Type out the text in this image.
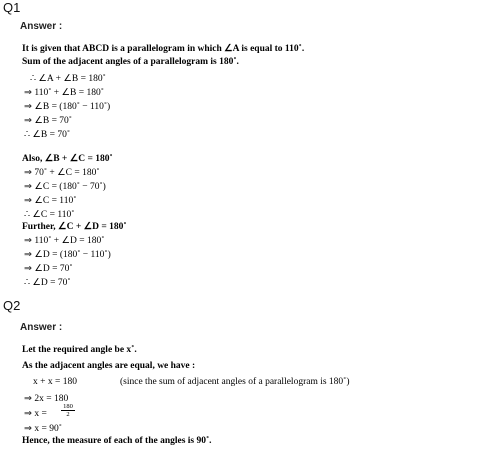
Q1
Answer :
It is given that ABCD is a parallelogram in which ∠A is equal to 110˚.
Sum of the adjacent angles of a parallelogram is 180˚.
∴ ∠A + ∠B = 180˚
⇒ 110˚ + ∠B = 180˚
⇒ ∠B = (180˚ − 110˚)
⇒ ∠B = 70˚
∴ ∠B = 70˚
Also, ∠B + ∠C = 180˚
⇒ 70˚ + ∠C = 180˚
⇒ ∠C = (180˚ − 70˚)
⇒ ∠C = 110˚
∴ ∠C = 110˚
Further, ∠C + ∠D = 180˚
⇒ 110˚ + ∠D = 180˚
⇒ ∠D = (180˚ − 110˚)
⇒ ∠D = 70˚
∴ ∠D = 70˚
Q2
Answer :
Let the required angle be x˚.
As the adjacent angles are equal, we have :
x + x = 180	(since the sum of adjacent angles of a parallelogram is 180˚)
⇒ 2x = 180
⇒ $x = \frac{180}{2}$
⇒ x = 90˚
Hence, the measure of each of the angles is 90˚.
